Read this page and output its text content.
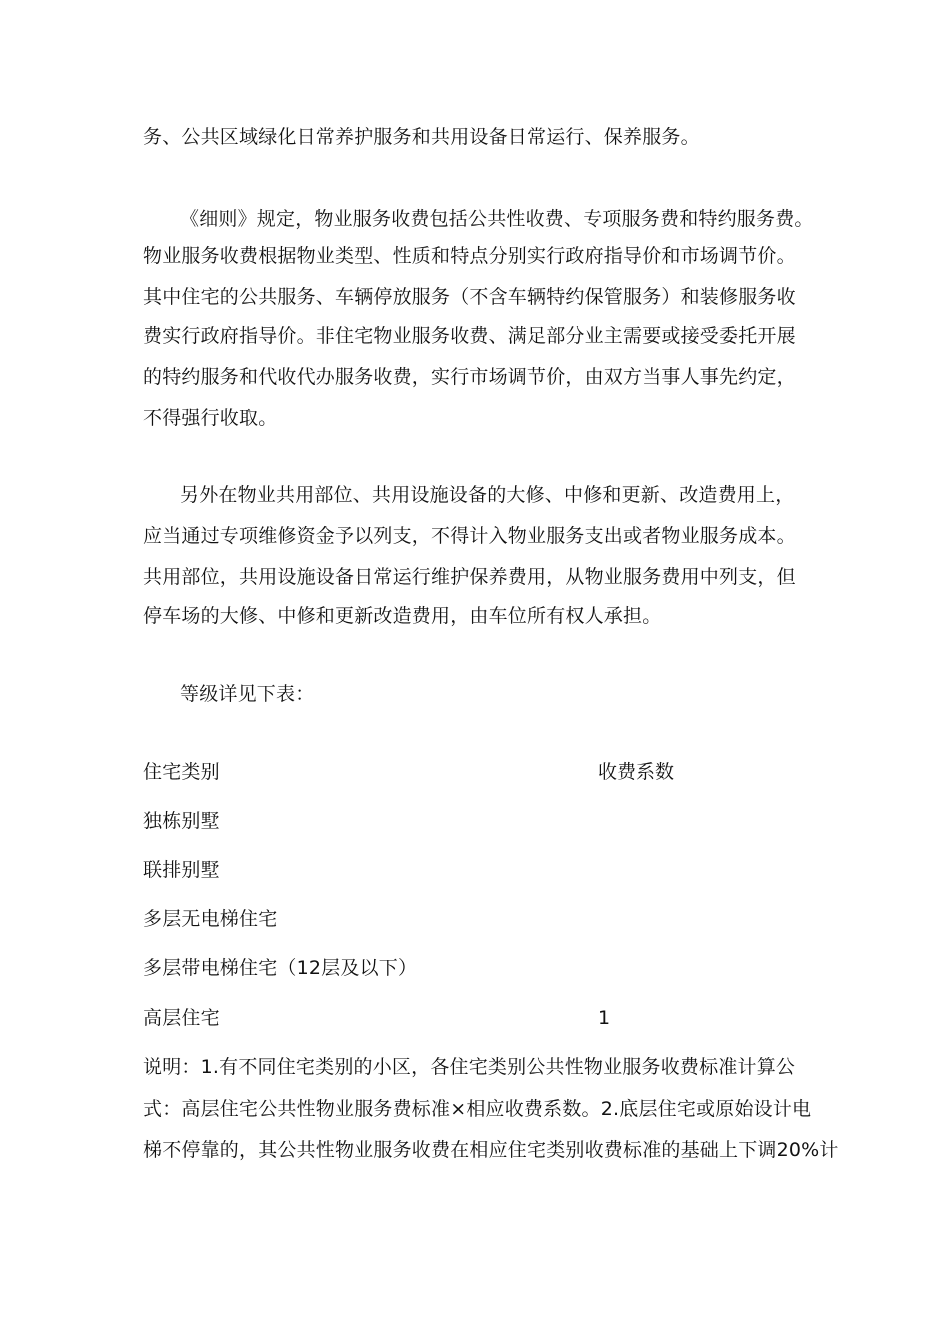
务、公共区域绿化日常养护服务和共用设备日常运行、保养服务。
《细则》规定，物业服务收费包括公共性收费、专项服务费和特约服务费。
物业服务收费根据物业类型、性质和特点分别实行政府指导价和市场调节价。
其中住宅的公共服务、车辆停放服务（不含车辆特约保管服务）和装修服务收
费实行政府指导价。非住宅物业服务收费、满足部分业主需要或接受委托开展
的特约服务和代收代办服务收费，实行市场调节价，由双方当事人事先约定，
不得强行收取。
另外在物业共用部位、共用设施设备的大修、中修和更新、改造费用上，
应当通过专项维修资金予以列支，不得计入物业服务支出或者物业服务成本。
共用部位，共用设施设备日常运行维护保养费用，从物业服务费用中列支，但
停车场的大修、中修和更新改造费用，由车位所有权人承担。
等级详见下表：
住宅类别	收费系数
独栋别墅
联排别墅
多层无电梯住宅
多层带电梯住宅（12层及以下）
高层住宅	1
说明：1.有不同住宅类别的小区，各住宅类别公共性物业服务收费标准计算公
式：高层住宅公共性物业服务费标准×相应收费系数。2.底层住宅或原始设计电
梯不停靠的，其公共性物业服务收费在相应住宅类别收费标准的基础上下调20%计
